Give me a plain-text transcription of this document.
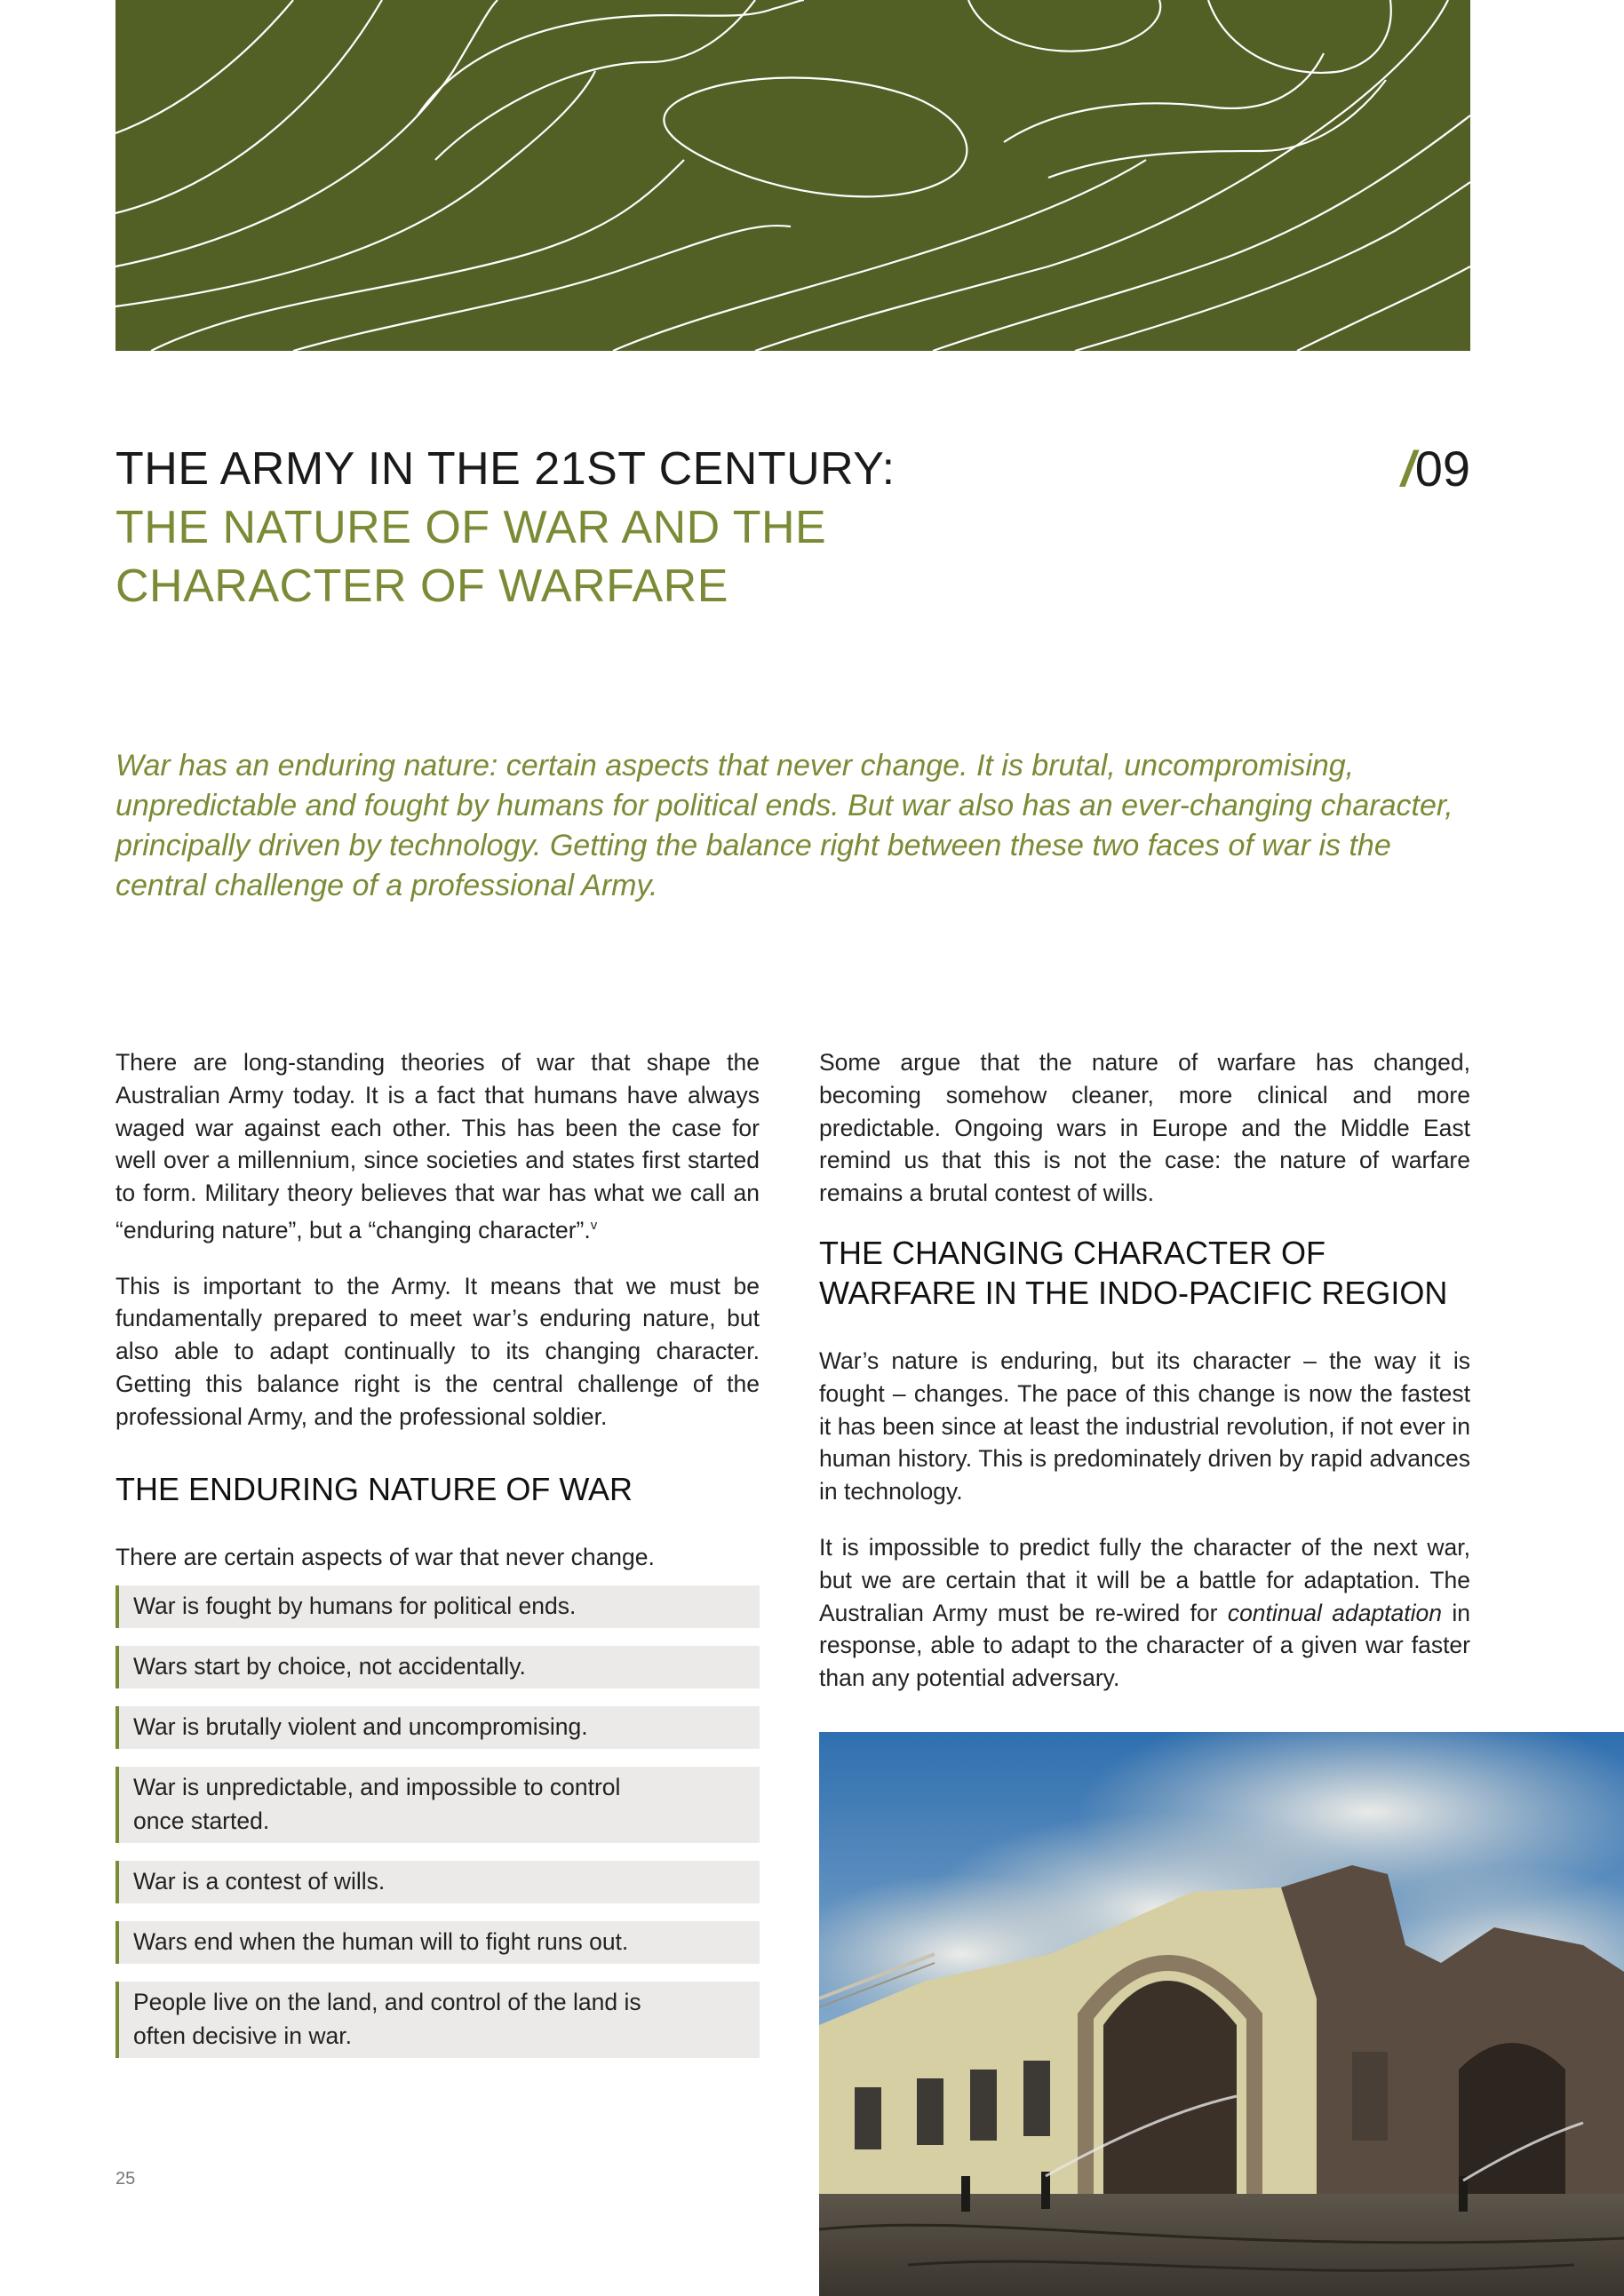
THE ARMY IN THE 21ST CENTURY:
THE NATURE OF WAR AND THE
CHARACTER OF WARFARE
/09
War has an enduring nature: certain aspects that never change. It is brutal, uncompromising, unpredictable and fought by humans for political ends. But war also has an ever-changing character, principally driven by technology. Getting the balance right between these two faces of war is the central challenge of a professional Army.

There are long-standing theories of war that shape the Australian Army today. It is a fact that humans have always waged war against each other. This has been the case for well over a millennium, since societies and states first started to form. Military theory believes that war has what we call an “enduring nature”, but a “changing character”.$^v$

This is important to the Army. It means that we must be fundamentally prepared to meet war’s enduring nature, but also able to adapt continually to its changing character. Getting this balance right is the central challenge of the professional Army, and the professional soldier.

THE ENDURING NATURE OF WAR

There are certain aspects of war that never change.

War is fought by humans for political ends.
Wars start by choice, not accidentally.
War is brutally violent and uncompromising.
War is unpredictable, and impossible to control once started.
War is a contest of wills.
Wars end when the human will to fight runs out.
People live on the land, and control of the land is often decisive in war.

Some argue that the nature of warfare has changed, becoming somehow cleaner, more clinical and more predictable. Ongoing wars in Europe and the Middle East remind us that this is not the case: the nature of warfare remains a brutal contest of wills.

THE CHANGING CHARACTER OF WARFARE IN THE INDO-PACIFIC REGION

War’s nature is enduring, but its character – the way it is fought – changes. The pace of this change is now the fastest it has been since at least the industrial revolution, if not ever in human history. This is predominately driven by rapid advances in technology.

It is impossible to predict fully the character of the next war, but we are certain that it will be a battle for adaptation. The Australian Army must be re-wired for continual adaptation in response, able to adapt to the character of a given war faster than any potential adversary.

25
